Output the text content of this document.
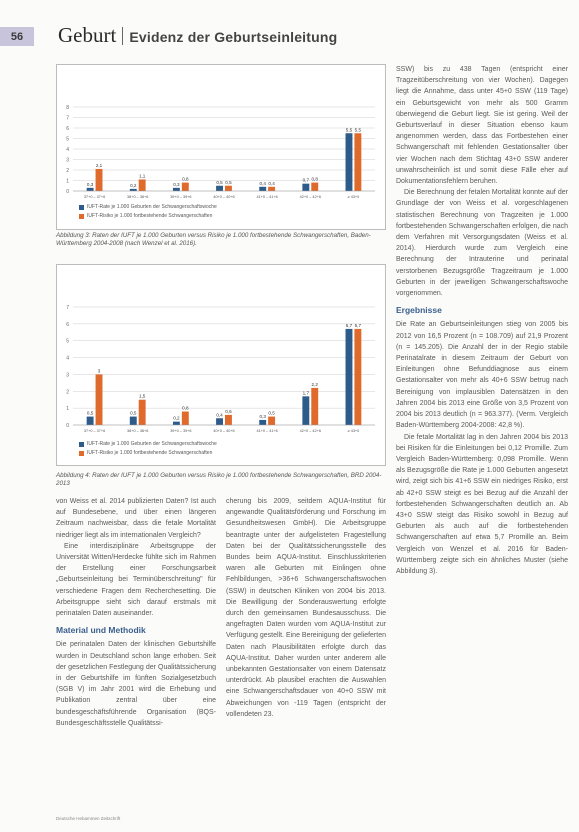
56	Geburt Evidenz der Geburtseinleitung
0
1
2
3
4
5
6
7
8
0,3
2,1
37+0 – 37+6
0,2
1,1
38+0 – 38+6
0,3
0,8
39+0 – 39+6
0,5 0,5
40+0 – 40+6
0,4 0,4
41+0 – 41+6
0,7 0,8
42+0 – 42+6
5,5 5,5
≥ 43+0
IUFT-Rate je 1.000 Geburten der Schwangerschaftswoche
IUFT-Risiko je 1.000 fortbestehende Schwangerschaften
Abbildung 3: Raten der IUFT je 1.000 Geburten versus Risiko je 1.000 fortbestehende Schwangerschaften, Baden-Württemberg 2004-2008 (nach Wenzel et al. 2016).
0
1
2
3
4
5
6
7
0,5
3
37+0 – 37+6
0,5
1,5
38+0 – 38+6
0,2
0,8
39+0 – 39+6
0,4
0,6
40+0 – 40+6
0,3
0,5
41+0 – 41+6
1,7
2,2
42+0 – 42+6
5,7 5,7
≥ 43+0
IUFT-Rate je 1.000 Geburten der Schwangerschaftswoche
IUFT-Risiko je 1.000 fortbestehende Schwangerschaften
Abbildung 4: Raten der IUFT je 1.000 Geburten versus Risiko je 1.000 fortbestehende Schwangerschaften, BRD 2004-2013

SSW) bis zu 438 Tagen (entspricht einer Tragzeitüberschreitung von vier Wochen). Dagegen liegt die Annahme, dass unter 45+0 SSW (119 Tage) ein Geburtsgewicht von mehr als 500 Gramm überwiegend die Geburt liegt. Sie ist gering. Weil der Geburtsverlauf in dieser Situation ebenso kaum angenommen werden, dass das Fortbestehen einer Schwangerschaft mit fehlenden Gestationsalter über vier Wochen nach dem Stichtag 43+0 SSW anderer unwahrscheinlich ist und somit diese Fälle eher auf Dokumentationsfehlern beruhen.

Die Berechnung der fetalen Mortalität konnte auf der Grundlage der von Weiss et al. vorgeschlagenen statistischen Berechnung von Tragzeiten je 1.000 fortbestehenden Schwangerschaften erfolgen, die nach dem Verfahren mit Versorgungsdaten (Weiss et al. 2014). Hierdurch wurde zum Vergleich eine Berechnung der Intrauterine und perinatal verstorbenen Bezugsgröße Tragzeitraum je 1.000 Geburten in der jeweiligen Schwangerschaftswoche vorgenommen.

Ergebnisse

Die Rate an Geburtseinleitungen stieg von 2005 bis 2012 von 16,5 Prozent (n = 108.709) auf 21,9 Prozent (n = 145.205). Die Anzahl der in der Regio stabile Perinatalrate in diesem Zeitraum der Geburt von Einleitungen ohne Befunddiagnose aus einem Gestationsalter von mehr als 40+6 SSW betrug nach Bereinigung von implausiblen Datensätzen in den Jahren 2004 bis 2013 eine Größe von 3,5 Prozent von 2004 bis 2013 deutlich (n = 963.377). (Verm. Vergleich Baden-Württemberg 2004-2008: 42,8 %).

Die fetale Mortalität lag in den Jahren 2004 bis 2013 bei Risiken für die Einleitungen bei 0,12 Promille. Zum Vergleich Baden-Württemberg: 0,098 Promille. Wenn als Bezugsgröße die Rate je 1.000 Geburten angesetzt wird, zeigt sich bis 41+6 SSW ein niedriges Risiko, erst ab 42+0 SSW steigt es bei Bezug auf die Anzahl der fortbestehenden Schwangerschaften deutlich an. Ab 43+0 SSW steigt das Risiko sowohl in Bezug auf Geburten als auch auf die fortbestehenden Schwangerschaften auf etwa 5,7 Promille an. Beim Vergleich von Wenzel et al. 2016 für Baden-Württemberg zeigte sich ein ähnliches Muster (siehe Abbildung 3).

von Weiss et al. 2014 publizierten Daten? Ist auch auf Bundesebene, und über einen längeren Zeitraum nachweisbar, dass die fetale Mortalität niedriger liegt als im internationalen Vergleich?

Eine interdisziplinäre Arbeitsgruppe der Universität Witten/Herdecke fühlte sich im Rahmen der Erstellung einer Forschungsarbeit „Geburtseinleitung bei Terminüberschreitung" für verschiedene Fragen dem Recherchesetting. Die Arbeitsgruppe sieht sich darauf erstmals mit perinatalen Daten auseinander.

Material und Methodik

Die perinatalen Daten der klinischen Geburtshilfe wurden in Deutschland schon lange erhoben. Seit der gesetzlichen Festlegung der Qualitätssicherung in der Geburtshilfe im fünften Sozialgesetzbuch (SGB V) im Jahr 2001 wird die Erhebung und Publikation zentral über eine bundesgeschäftsführende Organisation (BQS-Bundesgeschäftsstelle Qualitätssi-

cherung bis 2009, seitdem AQUA-Institut für angewandte Qualitätsförderung und Forschung im Gesundheitswesen GmbH). Die Arbeitsgruppe beantragte unter der aufgelisteten Fragestellung Daten bei der Qualitätssicherungsstelle des Bundes beim AQUA-Institut. Einschlusskriterien waren alle Geburten mit Einlingen ohne Fehlbildungen, >36+6 Schwangerschaftswochen (SSW) in deutschen Kliniken von 2004 bis 2013. Die Bewilligung der Sonderauswertung erfolgte durch den gemeinsamen Bundesausschuss. Die angefragten Daten wurden vom AQUA-Institut zur Verfügung gestellt. Eine Bereinigung der gelieferten Daten nach Plausibilitäten erfolgte durch das AQUA-Institut. Daher wurden unter anderem alle unbekannten Gestationsalter von einem Datensatz unterdrückt. Ab plausibel erachten die Auswahlen eine Schwangerschaftsdauer von 40+0 SSW mit Abweichungen von -119 Tagen (entspricht der vollendeten 23.

Deutsche Hebammen Zeitschrift
